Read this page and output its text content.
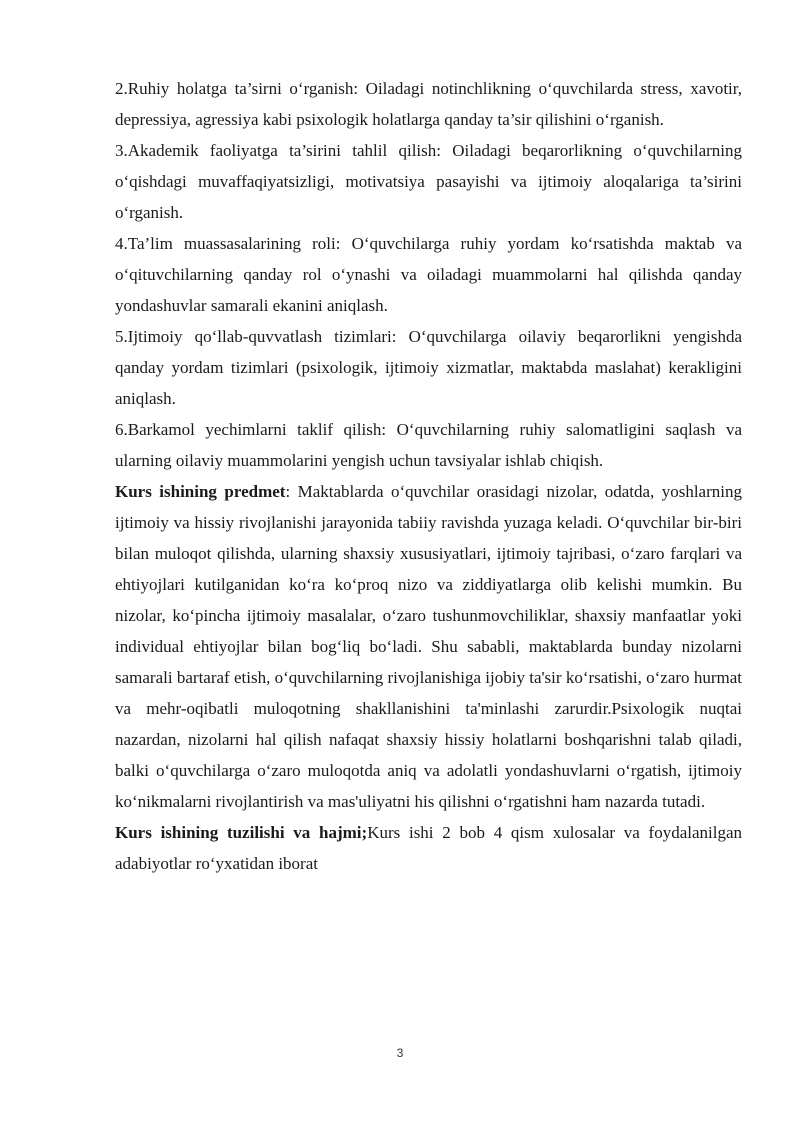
2.Ruhiy holatga ta’sirni o‘rganish: Oiladagi notinchlikning o‘quvchilarda stress, xavotir, depressiya, agressiya kabi psixologik holatlarga qanday ta’sir qilishini o‘rganish.

3.Akademik faoliyatga ta’sirini tahlil qilish: Oiladagi beqarorlikning o‘quvchilarning o‘qishdagi muvaffaqiyatsizligi, motivatsiya pasayishi va ijtimoiy aloqalariga ta’sirini o‘rganish.

4.Ta’lim muassasalarining roli: O‘quvchilarga ruhiy yordam ko‘rsatishda maktab va o‘qituvchilarning qanday rol o‘ynashi va oiladagi muammolarni hal qilishda qanday yondashuvlar samarali ekanini aniqlash.

5.Ijtimoiy qo‘llab-quvvatlash tizimlari: O‘quvchilarga oilaviy beqarorlikni yengishda qanday yordam tizimlari (psixologik, ijtimoiy xizmatlar, maktabda maslahat) kerakligini aniqlash.

6.Barkamol yechimlarni taklif qilish: O‘quvchilarning ruhiy salomatligini saqlash va ularning oilaviy muammolarini yengish uchun tavsiyalar ishlab chiqish.

Kurs ishining predmet: Maktablarda o‘quvchilar orasidagi nizolar, odatda, yoshlarning ijtimoiy va hissiy rivojlanishi jarayonida tabiiy ravishda yuzaga keladi. O‘quvchilar bir-biri bilan muloqot qilishda, ularning shaxsiy xususiyatlari, ijtimoiy tajribasi, o‘zaro farqlari va ehtiyojlari kutilganidan ko‘ra ko‘proq nizo va ziddiyatlarga olib kelishi mumkin. Bu nizolar, ko‘pincha ijtimoiy masalalar, o‘zaro tushunmovchiliklar, shaxsiy manfaatlar yoki individual ehtiyojlar bilan bog‘liq bo‘ladi. Shu sababli, maktablarda bunday nizolarni samarali bartaraf etish, o‘quvchilarning rivojlanishiga ijobiy ta'sir ko‘rsatishi, o‘zaro hurmat va mehr-oqibatli muloqotning shakllanishini ta'minlashi zarurdir.Psixologik nuqtai nazardan, nizolarni hal qilish nafaqat shaxsiy hissiy holatlarni boshqarishni talab qiladi, balki o‘quvchilarga o‘zaro muloqotda aniq va adolatli yondashuvlarni o‘rgatish, ijtimoiy ko‘nikmalarni rivojlantirish va mas'uliyatni his qilishni o‘rgatishni ham nazarda tutadi.

Kurs ishining tuzilishi va hajmi;Kurs ishi 2 bob 4 qism xulosalar va foydalanilgan adabiyotlar ro‘yxatidan iborat

3
